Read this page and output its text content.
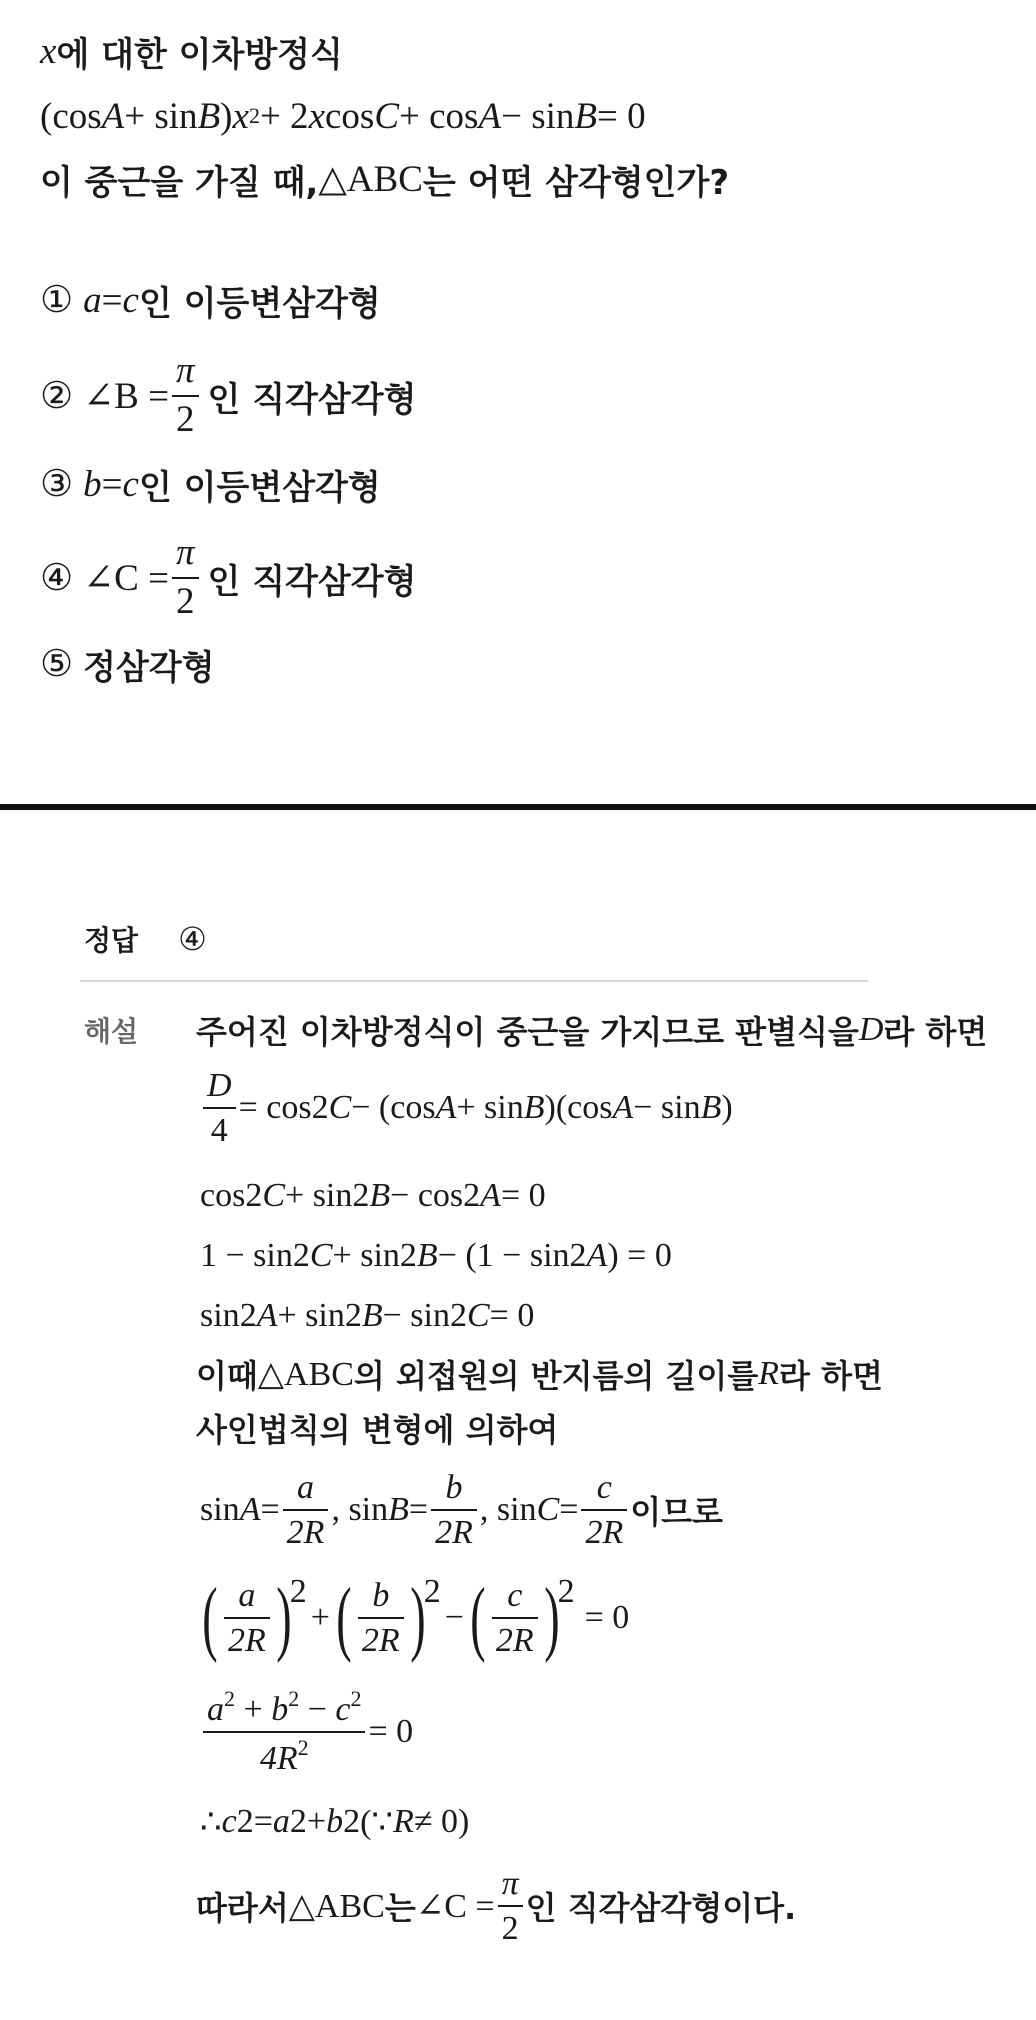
x 에 대한 이차방정식
(cos A + sin B ) x 2 + 2 x cos C + cos A − sin B = 0
이 중근을 가질 때, △ABC 는 어떤 삼각형인가?
① a = c 인 이등변삼각형
② ∠B = $\frac{\pi}{2}$ 인 직각삼각형
③ b = c 인 이등변삼각형
④ ∠C = $\frac{\pi}{2}$ 인 직각삼각형
⑤ 정삼각형
정답 ④
해설 주어진 이차방정식이 중근을 가지므로 판별식을 D 라 하면
$\frac{D}{4} = \cos 2$ C − (cos A + sin B )(cos A − sin B )
cos 2 C + sin 2 B − cos 2 A = 0
1 − sin 2 C + sin 2 B − (1 − sin 2 A ) = 0
sin 2 A + sin 2 B − sin 2 C = 0
이때 △ABC 의 외접원의 반지름의 길이를 R 라 하면
사인법칙의 변형에 의하여
$\sin A = \frac{a}{2R}$ , $\sin B = \frac{b}{2R}$ , $\sin C = \frac{c}{2R}$ 이므로
( $\frac{a}{2R}$ )
2
+ ( $\frac{b}{2R}$ )
2
− ( $\frac{c}{2R}$ )
2
= 0
$\frac{a^2 + b^2 - c^2}{4R^2} = 0$
∴ c 2 = a 2 + b 2 (∵ R ≠ 0)
따라서 △ABC 는 ∠C = $\frac{\pi}{2}$ 인 직각삼각형이다.
